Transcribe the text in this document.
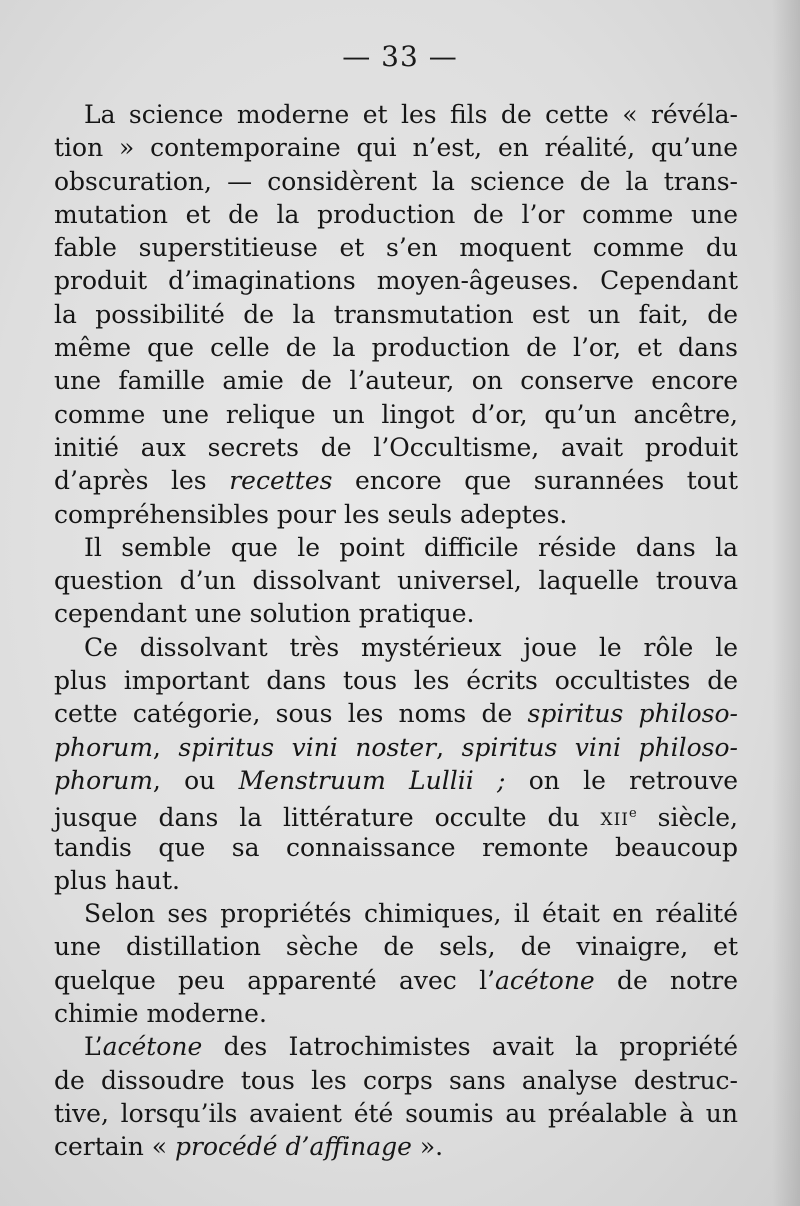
— 33 —
La science moderne et les fils de cette « révéla-
tion » contemporaine qui n’est, en réalité, qu’une
obscuration, — considèrent la science de la trans-
mutation et de la production de l’or comme une
fable superstitieuse et s’en moquent comme du
produit d’imaginations moyen-âgeuses. Cependant
la possibilité de la transmutation est un fait, de
même que celle de la production de l’or, et dans
une famille amie de l’auteur, on conserve encore
comme une relique un lingot d’or, qu’un ancêtre,
initié aux secrets de l’Occultisme, avait produit
d’après les recettes encore que surannées tout
compréhensibles pour les seuls adeptes.
Il semble que le point difficile réside dans la
question d’un dissolvant universel, laquelle trouva
cependant une solution pratique.
Ce dissolvant très mystérieux joue le rôle le
plus important dans tous les écrits occultistes de
cette catégorie, sous les noms de spiritus philoso-
phorum, spiritus vini noster, spiritus vini philoso-
phorum, ou Menstruum Lullii ; on le retrouve
jusque dans la littérature occulte du XIIe siècle,
tandis que sa connaissance remonte beaucoup
plus haut.
Selon ses propriétés chimiques, il était en réalité
une distillation sèche de sels, de vinaigre, et
quelque peu apparenté avec l’acétone de notre
chimie moderne.
L’acétone des Iatrochimistes avait la propriété
de dissoudre tous les corps sans analyse destruc-
tive, lorsqu’ils avaient été soumis au préalable à un
certain « procédé d’affinage ».
